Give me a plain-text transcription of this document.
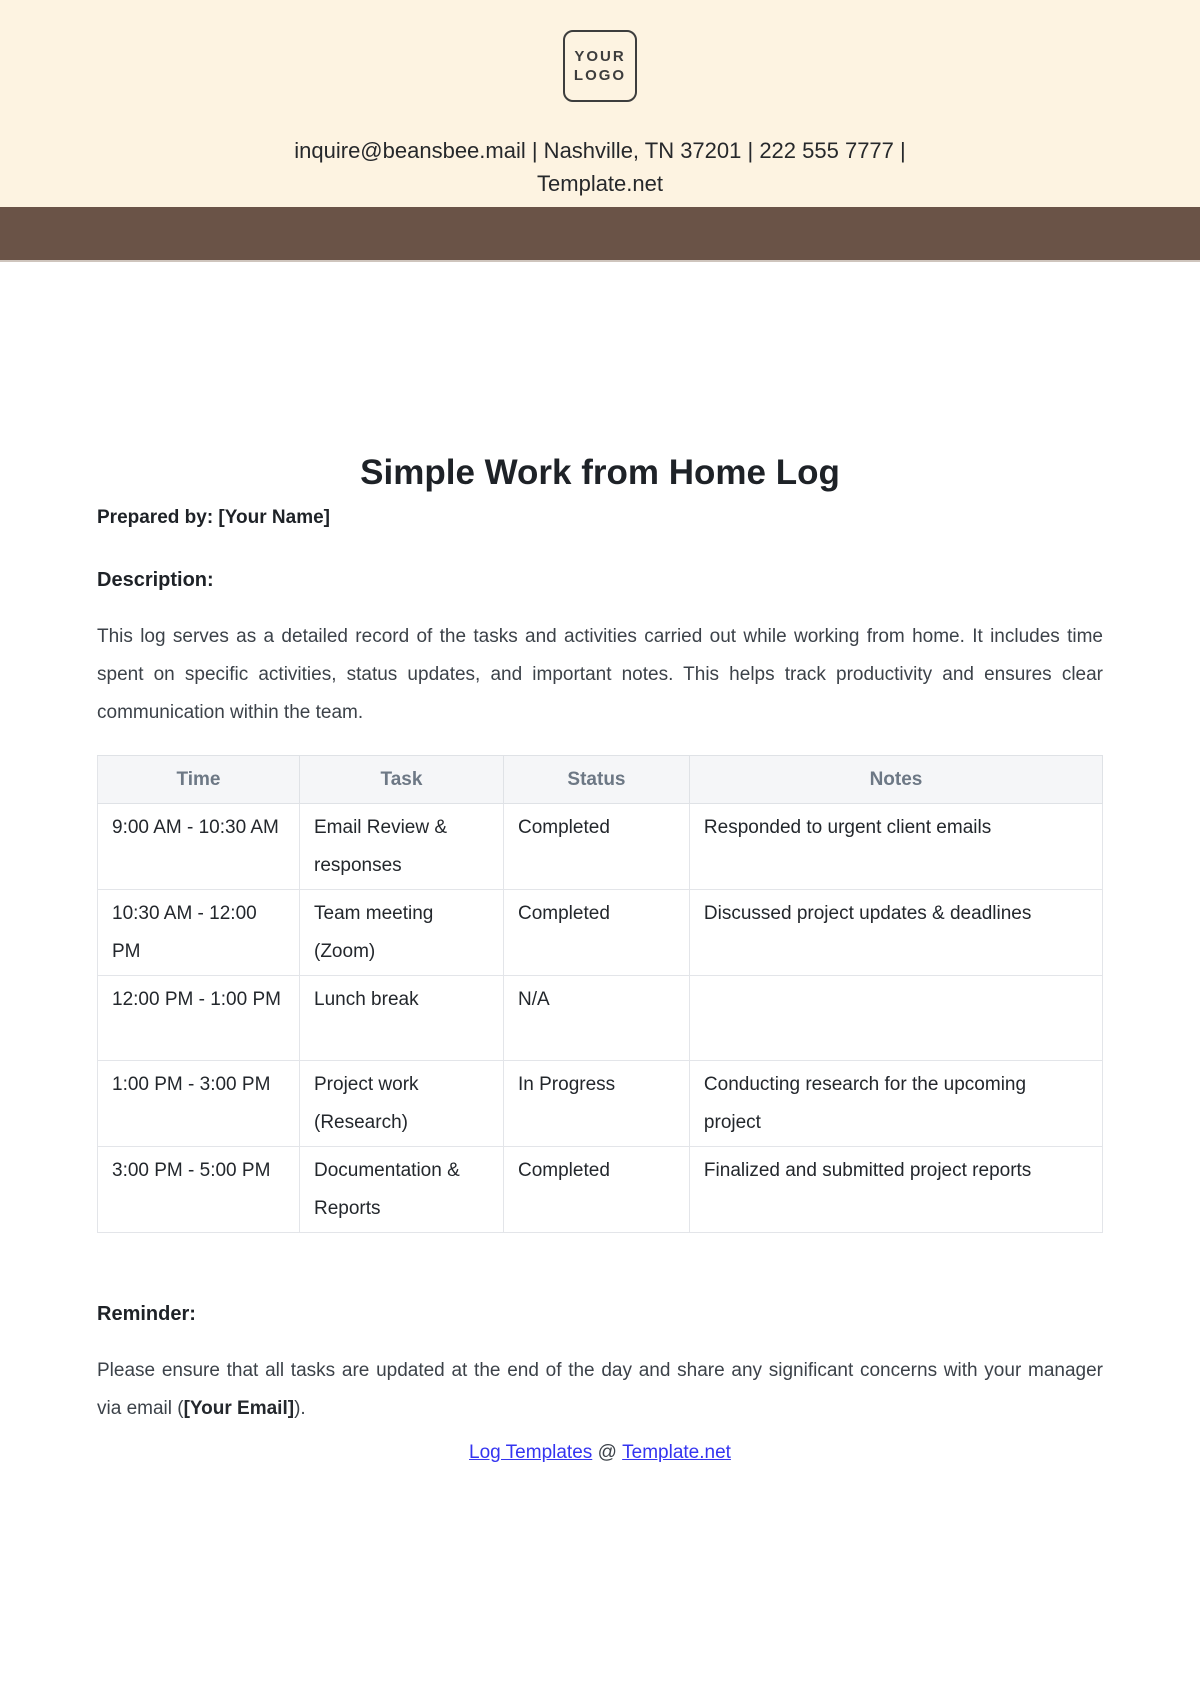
YOUR
LOGO
inquire@beansbee.mail | Nashville, TN 37201 | 222 555 7777 | Template.net
Simple Work from Home Log

Prepared by: [Your Name]

Description:

This log serves as a detailed record of the tasks and activities carried out while working from home. It includes time spent on specific activities, status updates, and important notes. This helps track productivity and ensures clear communication within the team.

Time	Task	Status	Notes
9:00 AM - 10:30 AM	Email Review & responses	Completed	Responded to urgent client emails
10:30 AM - 12:00 PM	Team meeting (Zoom)	Completed	Discussed project updates & deadlines
12:00 PM - 1:00 PM	Lunch break	N/A	
1:00 PM - 3:00 PM	Project work (Research)	In Progress	Conducting research for the upcoming project
3:00 PM - 5:00 PM	Documentation & Reports	Completed	Finalized and submitted project reports
Reminder:

Please ensure that all tasks are updated at the end of the day and share any significant concerns with your manager via email ([Your Email]).

Log Templates @ Template.net
